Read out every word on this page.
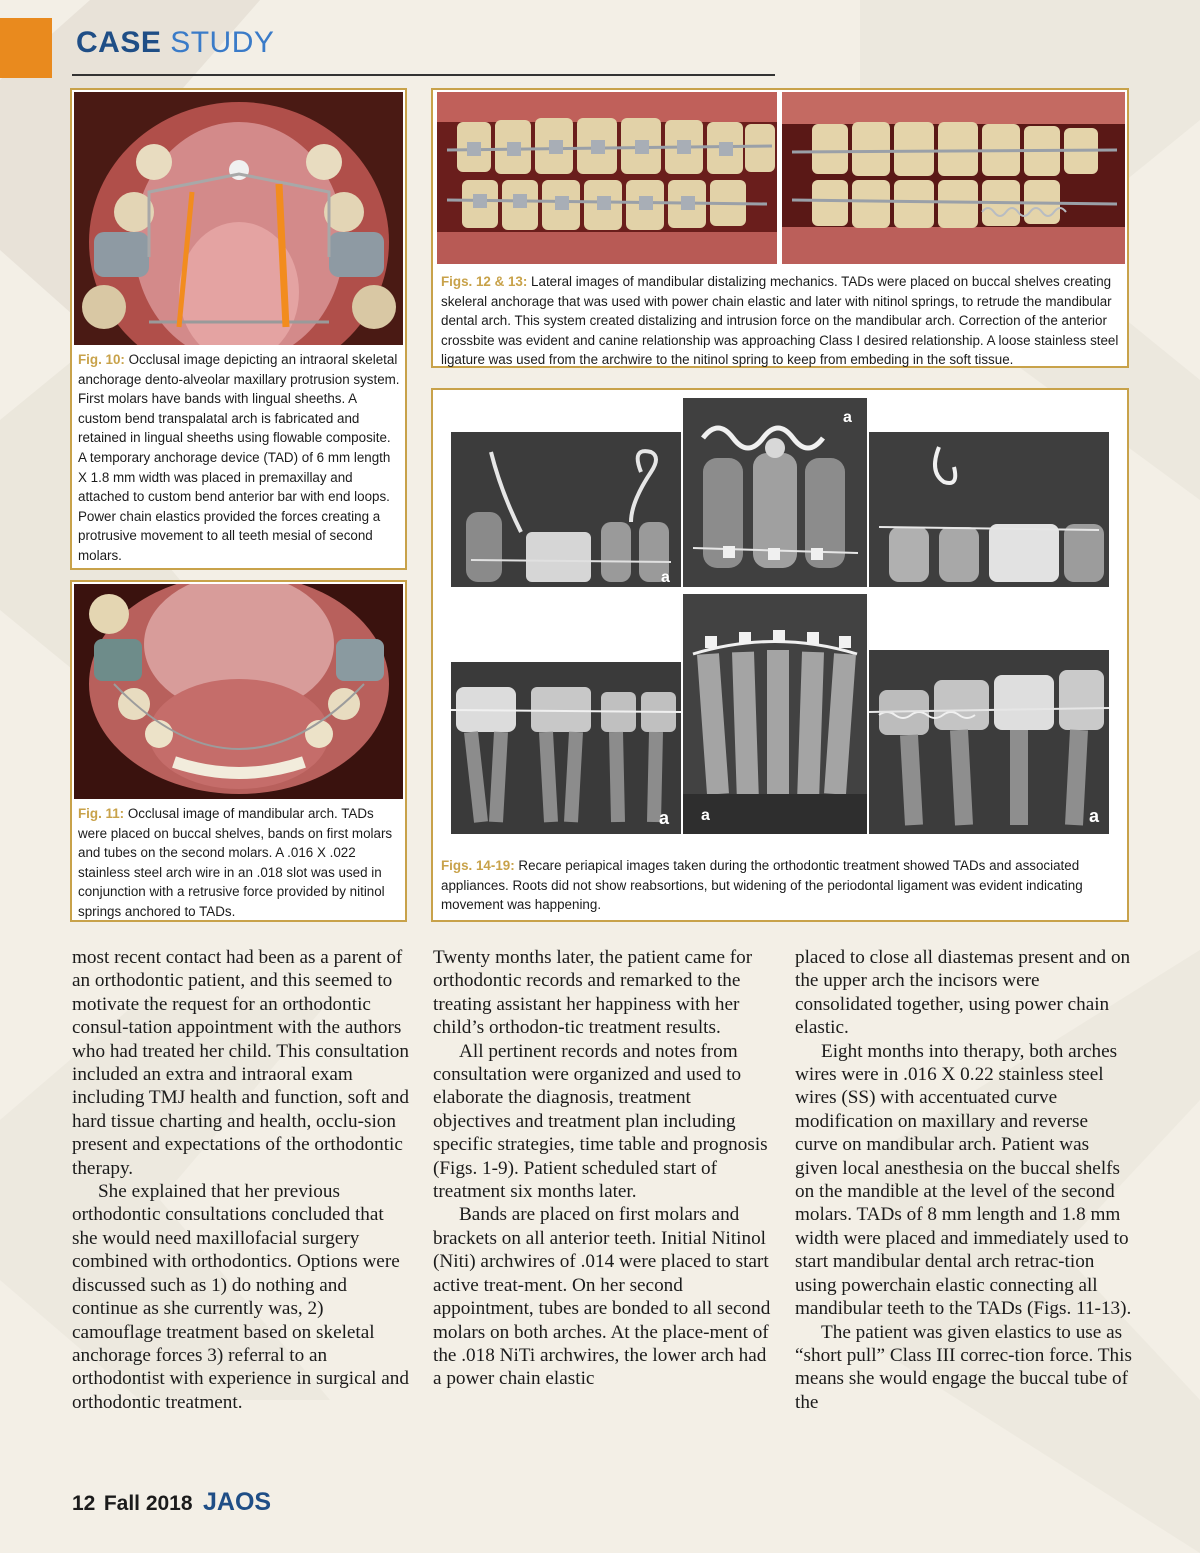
CASE STUDY
Fig. 10: Occlusal image depicting an intraoral skeletal anchorage dento-alveolar maxillary protrusion system. First molars have bands with lingual sheeths. A custom bend transpalatal arch is fabricated and retained in lingual sheeths using flowable composite. A temporary anchorage device (TAD) of 6 mm length X 1.8 mm width was placed in premaxillay and attached to custom bend anterior bar with end loops. Power chain elastics provided the forces creating a protrusive movement to all teeth mesial of second molars.
Fig. 11: Occlusal image of mandibular arch. TADs were placed on buccal shelves, bands on first molars and tubes on the second molars. A .016 X .022 stainless steel arch wire in an .018 slot was used in conjunction with a retrusive force provided by nitinol springs anchored to TADs.
Figs. 12 & 13: Lateral images of mandibular distalizing mechanics. TADs were placed on buccal shelves creating skeleral anchorage that was used with power chain elastic and later with nitinol springs, to retrude the mandibular dental arch. This system created distalizing and intrusion force on the mandibular arch. Correction of the anterior crossbite was evident and canine relationship was approaching Class I desired relationship. A loose stainless steel ligature was used from the archwire to the nitinol spring to keep from embeding in the soft tissue.
a
a
a a	a
Figs. 14-19: Recare periapical images taken during the orthodontic treatment showed TADs and associated appliances. Roots did not show reabsortions, but widening of the periodontal ligament was evident indicating movement was happening.
a

most recent contact had been as a parent of an orthodontic patient, and this seemed to motivate the request for an orthodontic consul-tation appointment with the authors who had treated her child. This consultation included an extra and intraoral exam including TMJ health and function, soft and hard tissue charting and health, occlu-sion present and expectations of the orthodontic therapy.

She explained that her previous orthodontic consultations concluded that she would need maxillofacial surgery combined with orthodontics. Options were discussed such as 1) do nothing and continue as she currently was, 2) camouflage treatment based on skeletal anchorage forces 3) referral to an orthodontist with experience in surgical and orthodontic treatment.

Twenty months later, the patient came for orthodontic records and remarked to the treating assistant her happiness with her child’s orthodon-tic treatment results.

All pertinent records and notes from consultation were organized and used to elaborate the diagnosis, treatment objectives and treatment plan including specific strategies, time table and prognosis (Figs. 1-9). Patient scheduled start of treatment six months later.

Bands are placed on first molars and brackets on all anterior teeth. Initial Nitinol (Niti) archwires of .014 were placed to start active treat-ment. On her second appointment, tubes are bonded to all second molars on both arches. At the place-ment of the .018 NiTi archwires, the lower arch had a power chain elastic

placed to close all diastemas present and on the upper arch the incisors were consolidated together, using power chain elastic.

Eight months into therapy, both arches wires were in .016 X 0.22 stainless steel wires (SS) with accentuated curve modification on maxillary and reverse curve on mandibular arch. Patient was given local anesthesia on the buccal shelfs on the mandible at the level of the second molars. TADs of 8 mm length and 1.8 mm width were placed and immediately used to start mandibular dental arch retrac-tion using powerchain elastic connecting all mandibular teeth to the TADs (Figs. 11-13).

The patient was given elastics to use as “short pull” Class III correc-tion force. This means she would engage the buccal tube of the

12 Fall 2018 JAOS
